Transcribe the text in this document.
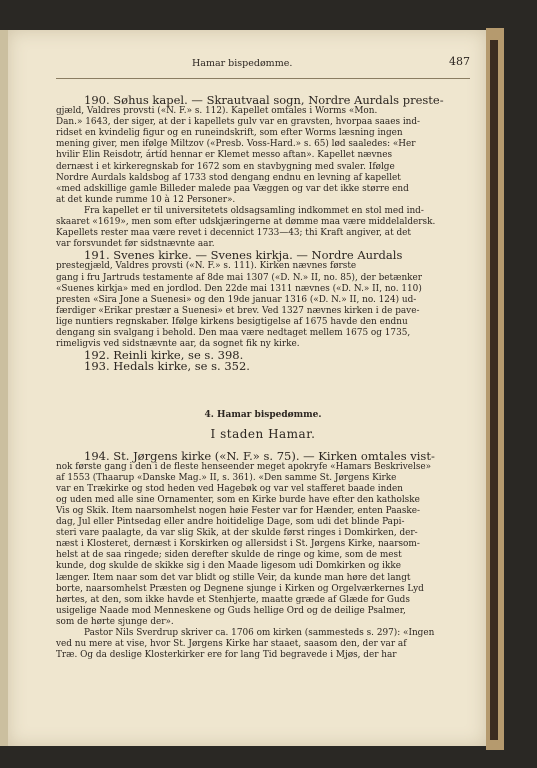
Hamar bispedømme.	487

190. Søhus kapel. — Skrautvaal sogn, Nordre Aurdals preste-

gjæld, Valdres provsti («N. F.» s. 112). Kapellet omtales i Worms «Mon.

Dan.» 1643, der siger, at der i kapellets gulv var en gravsten, hvorpaa saaes ind-

ridset en kvindelig figur og en runeindskrift, som efter Worms læsning ingen

mening giver, men ifølge Miltzov («Presb. Voss-Hard.» s. 65) lød saaledes: «Her

hvilir Elin Reisdotr, ártíd hennar er Klemet messo aftan». Kapellet nævnes

dernæst i et kirkeregnskab for 1672 som en stavbygning med svaler. Ifølge

Nordre Aurdals kaldsbog af 1733 stod dengang endnu en levning af kapellet

«med adskillige gamle Billeder malede paa Væggen og var det ikke større end

at det kunde rumme 10 à 12 Personer».

Fra kapellet er til universitetets oldsagsamling indkommet en stol med ind-

skaaret «1619», men som efter udskjæringerne at dømme maa være middelaldersk.

Kapellets rester maa være revet i decennict 1733—43; thi Kraft angiver, at det

var forsvundet før sidstnævnte aar.

191. Svenes kirke. — Svenes kirkja. — Nordre Aurdals

prestegjæld, Valdres provsti («N. F.» s. 111). Kirken nævnes første

gang i fru Jartruds testamente af 8de mai 1307 («D. N.» II, no. 85), der betænker

«Suenes kirkja» med en jordlod. Den 22de mai 1311 nævnes («D. N.» II, no. 110)

presten «Sira Jone a Suenesi» og den 19de januar 1316 («D. N.» II, no. 124) ud-

færdiger «Erikar prestær a Suenesi» et brev. Ved 1327 nævnes kirken i de pave-

lige nuntiers regnskaber. Ifølge kirkens besigtigelse af 1675 havde den endnu

dengang sin svalgang i behold. Den maa være nedtaget mellem 1675 og 1735,

rimeligvis ved sidstnævnte aar, da sognet fik ny kirke.

192. Reinli kirke, se s. 398.

193. Hedals kirke, se s. 352.

4. Hamar bispedømme.
I staden Hamar.

194. St. Jørgens kirke («N. F.» s. 75). — Kirken omtales vist-

nok første gang i den i de fleste henseender meget apokryfe «Hamars Beskrivelse»

af 1553 (Thaarup «Danske Mag.» II, s. 361). «Den samme St. Jørgens Kirke

var en Trækirke og stod heden ved Hagebøk og var vel stafferet baade inden

og uden med alle sine Ornamenter, som en Kirke burde have efter den katholske

Vis og Skik. Item naarsomhelst nogen høie Fester var for Hænder, enten Paaske-

dag, Jul eller Pintsedag eller andre hoitidelige Dage, som udi det blinde Papi-

steri vare paalagte, da var slig Skik, at der skulde først ringes i Domkirken, der-

næst i Klosteret, dernæst i Korskirken og allersidst i St. Jørgens Kirke, naarsom-

helst at de saa ringede; siden derefter skulde de ringe og kime, som de mest

kunde, dog skulde de skikke sig i den Maade ligesom udi Domkirken og ikke

længer. Item naar som det var blidt og stille Veir, da kunde man høre det langt

borte, naarsomhelst Præsten og Degnene sjunge i Kirken og Orgelværkernes Lyd

hørtes, at den, som ikke havde et Stenhjerte, maatte græde af Glæde for Guds

usigelige Naade mod Menneskene og Guds hellige Ord og de deilige Psalmer,

som de hørte sjunge der».

Pastor Nils Sverdrup skriver ca. 1706 om kirken (sammesteds s. 297): «Ingen

ved nu mere at vise, hvor St. Jørgens Kirke har staaet, saasom den, der var af

Træ. Og da deslige Klosterkirker ere for lang Tid begravede i Mjøs, der har
